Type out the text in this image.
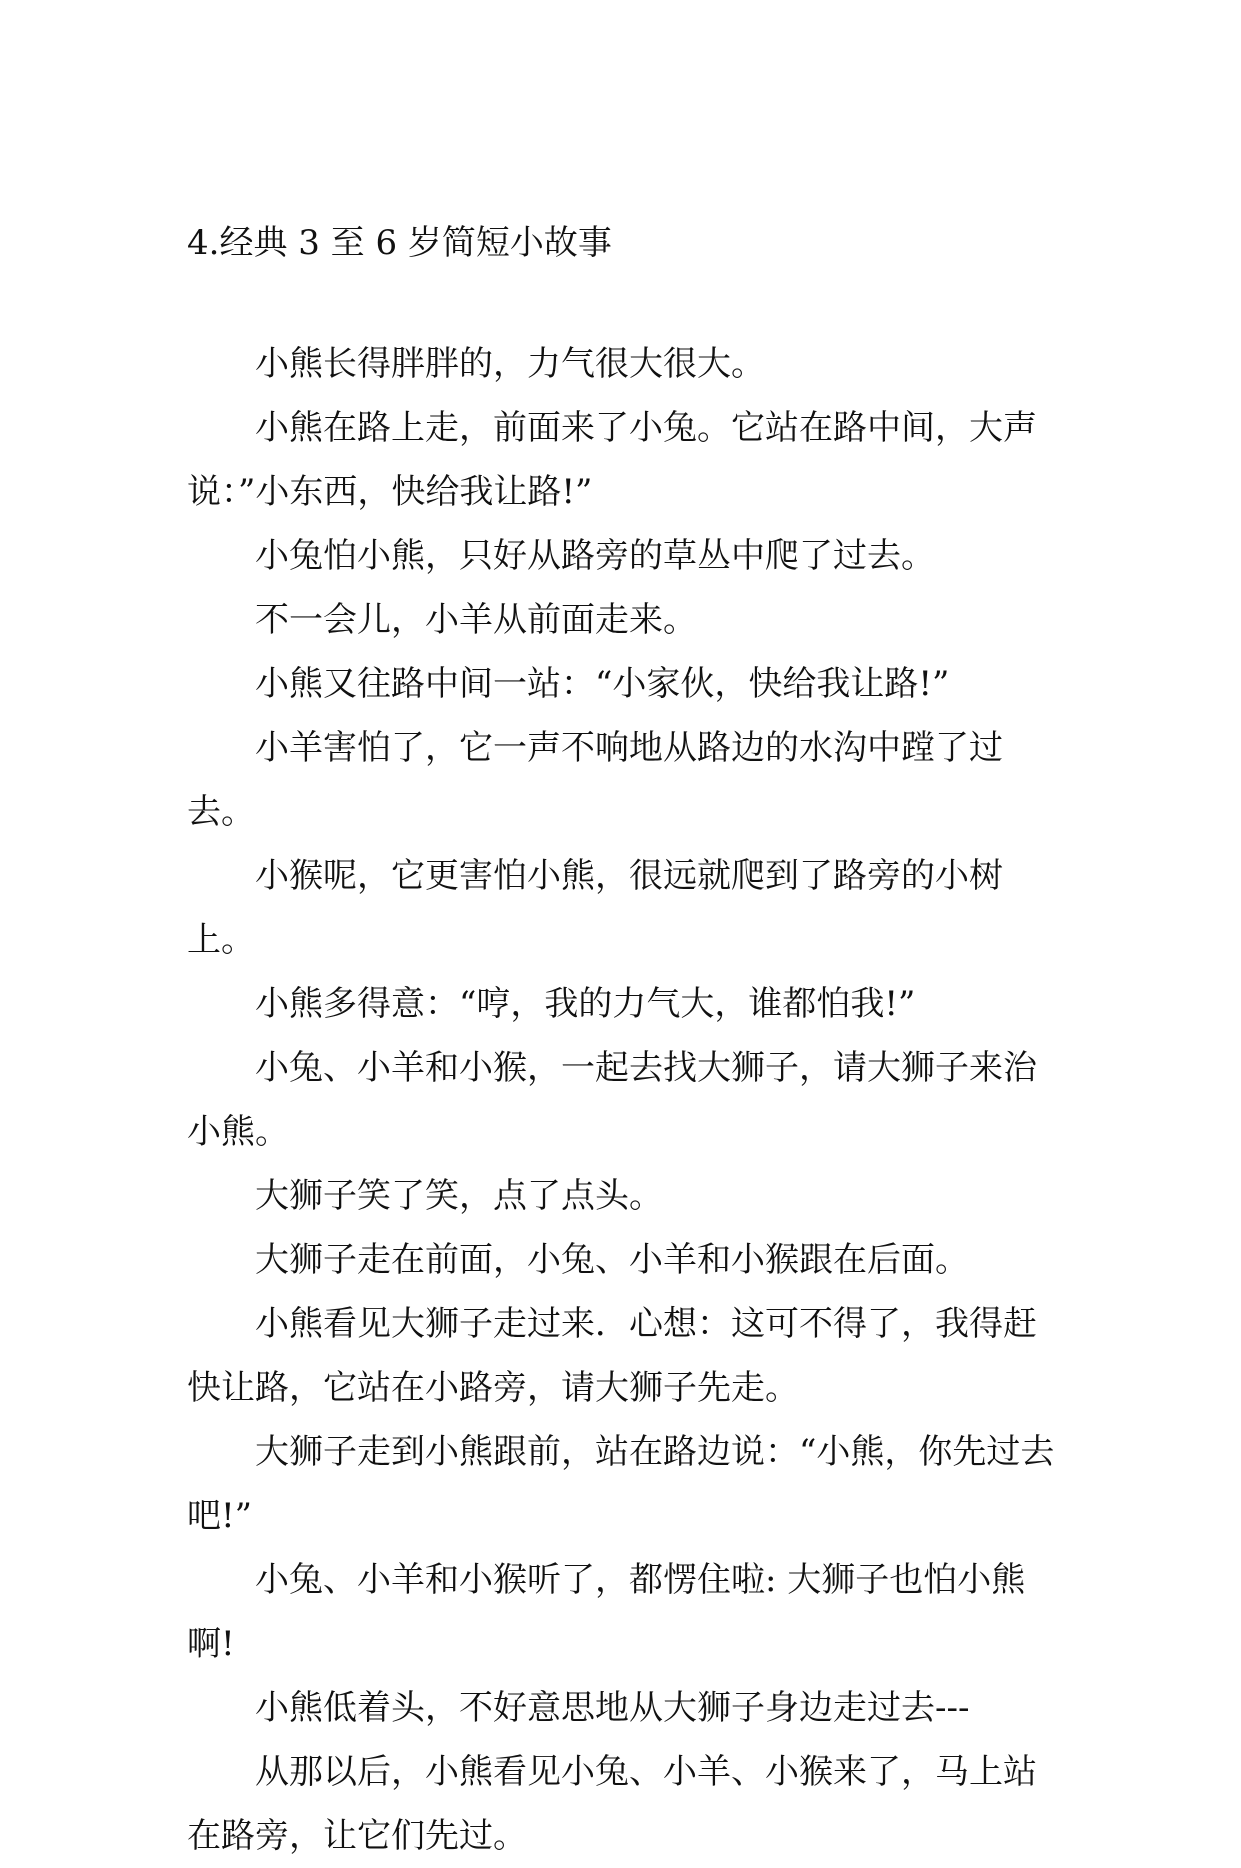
4.经典 3 至 6 岁简短小故事

小熊长得胖胖的，力气很大很大。

小熊在路上走，前面来了小兔。它站在路中间，大声说：”小东西，快给我让路!”

小兔怕小熊，只好从路旁的草丛中爬了过去。

不一会儿，小羊从前面走来。

小熊又往路中间一站：“小家伙，快给我让路!”

小羊害怕了，它一声不响地从路边的水沟中蹚了过去。

小猴呢，它更害怕小熊，很远就爬到了路旁的小树上。

小熊多得意：“哼，我的力气大，谁都怕我!”

小兔、小羊和小猴，一起去找大狮子，请大狮子来治小熊。

大狮子笑了笑，点了点头。

大狮子走在前面，小兔、小羊和小猴跟在后面。

小熊看见大狮子走过来．心想：这可不得了，我得赶快让路，它站在小路旁，请大狮子先走。

大狮子走到小熊跟前，站在路边说：“小熊，你先过去吧!”

小兔、小羊和小猴听了，都愣住啦: 大狮子也怕小熊啊!

小熊低着头，不好意思地从大狮子身边走过去---

从那以后，小熊看见小兔、小羊、小猴来了，马上站在路旁，让它们先过。
